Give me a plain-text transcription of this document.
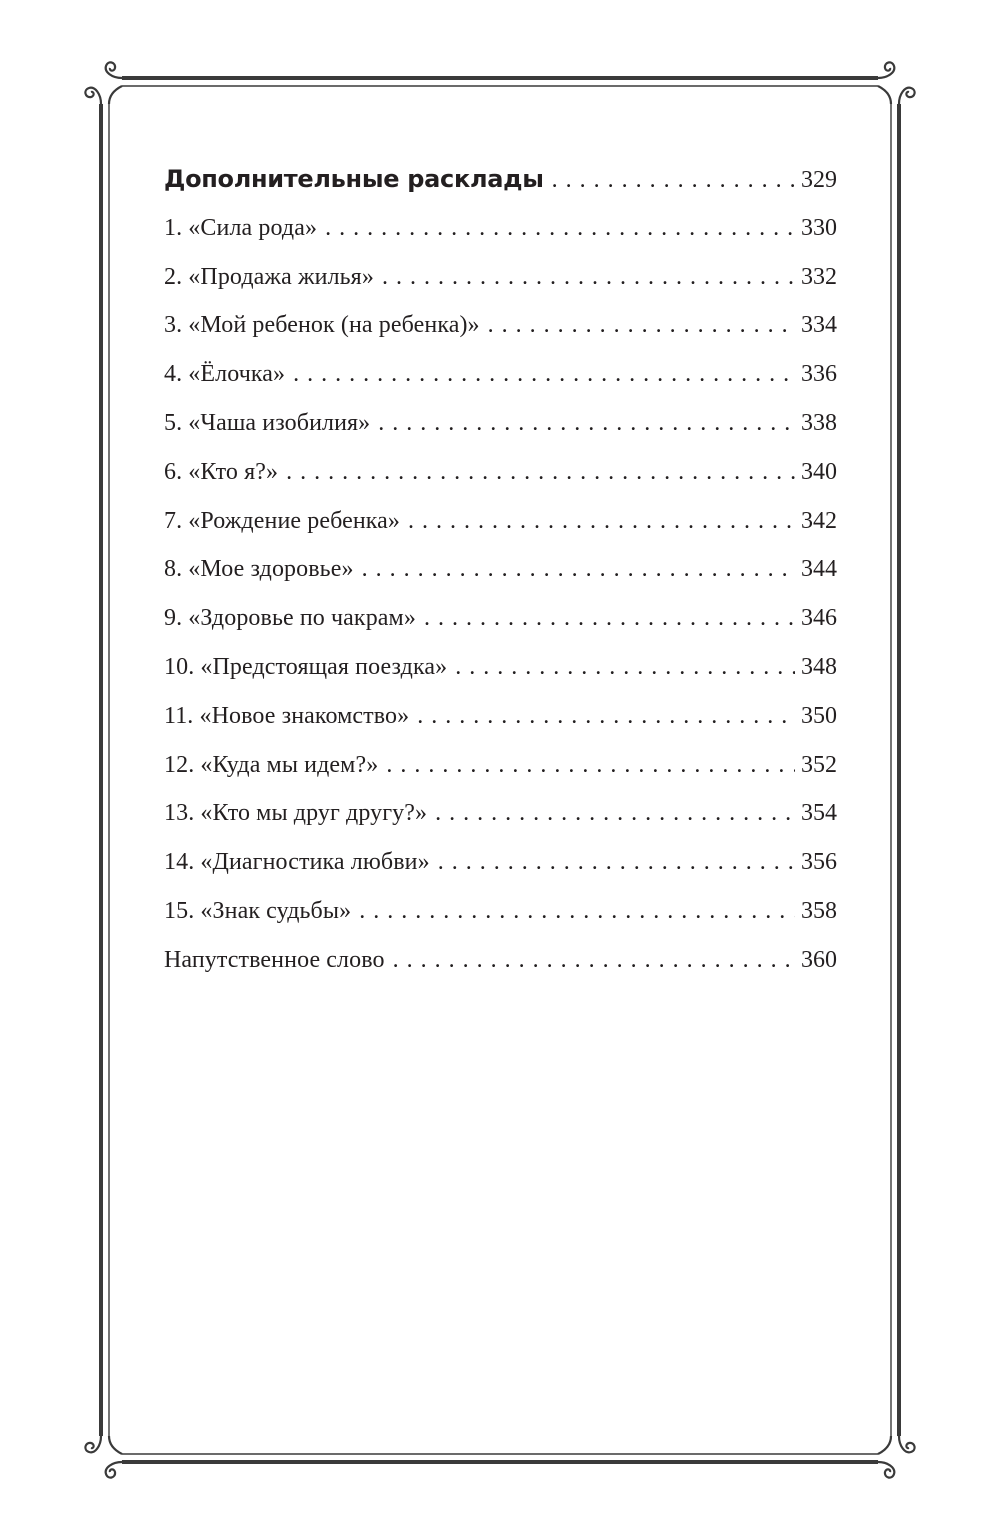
Дополнительные расклады . . .	329
1. «Сила рода» . . .	330
2. «Продажа жилья» . . .	332
3. «Мой ребенок (на ребенка)» . . .	334
4. «Ёлочка» . . .	336
5. «Чаша изобилия» . . .	338
6. «Кто я?» . . .	340
7. «Рождение ребенка» . . .	342
8. «Мое здоровье» . . .	344
9. «Здоровье по чакрам» . . .	346
10. «Предстоящая поездка» . . .	348
11. «Новое знакомство» . . .	350
12. «Куда мы идем?» . . .	352
13. «Кто мы друг другу?» . . .	354
14. «Диагностика любви» . . .	356
15. «Знак судьбы» . . .	358
Напутственное слово . . .	360
